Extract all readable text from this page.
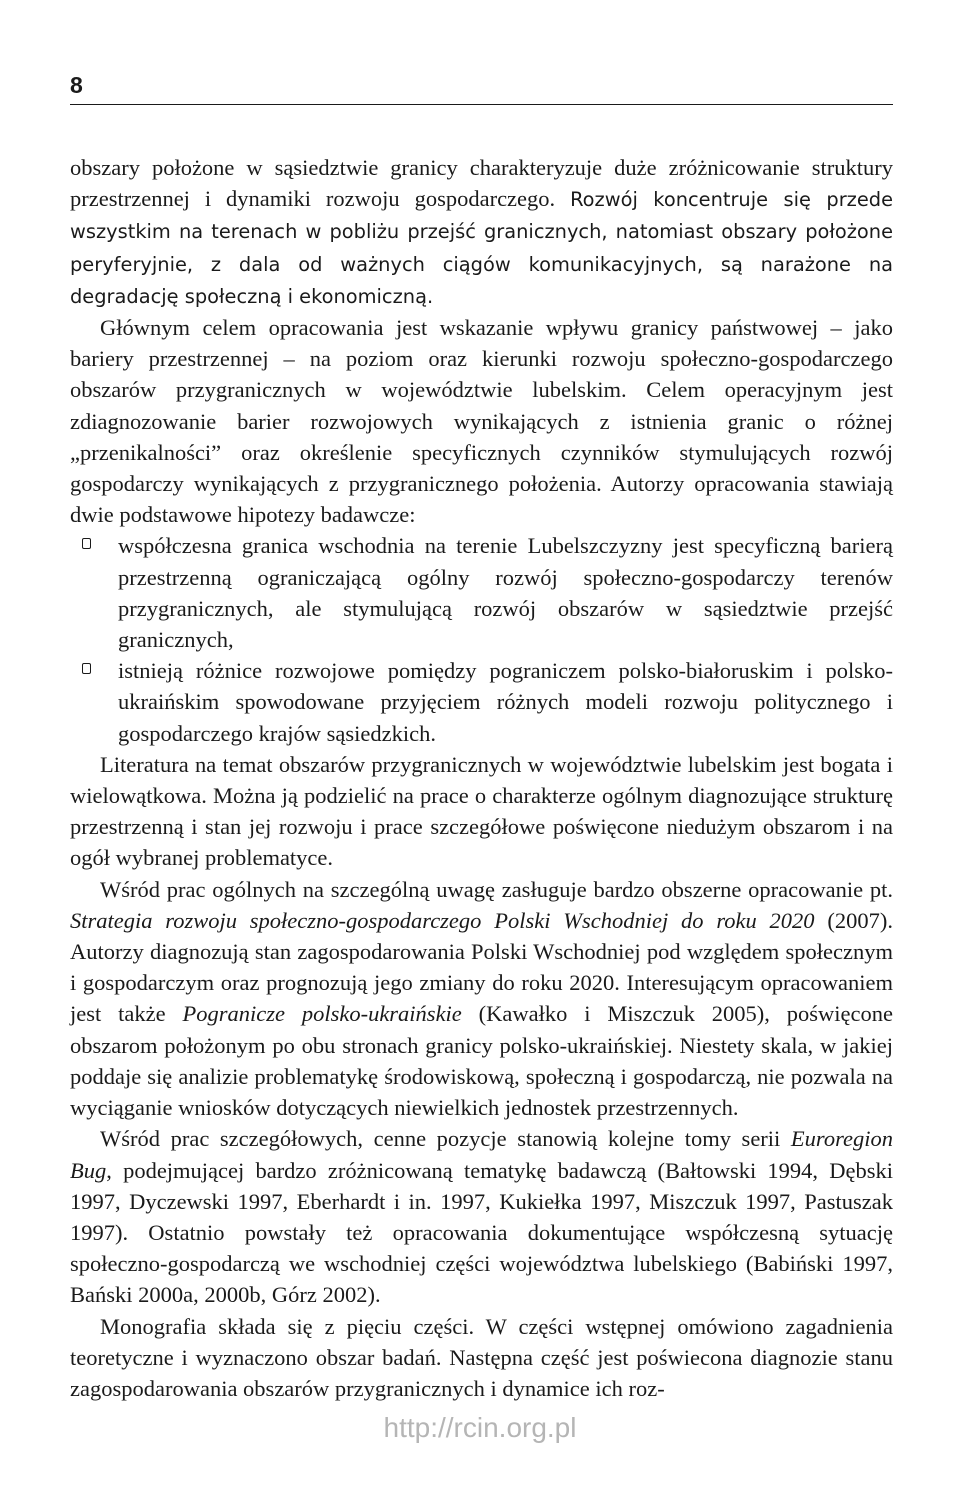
8

obszary położone w sąsiedztwie granicy charakteryzuje duże zróżnicowanie struktury przestrzennej i dynamiki rozwoju gospodarczego. Rozwój koncentruje się przede wszystkim na terenach w pobliżu przejść granicznych, natomiast obszary położone peryferyjnie, z dala od ważnych ciągów komunikacyjnych, są narażone na degradację społeczną i ekonomiczną.

Głównym celem opracowania jest wskazanie wpływu granicy państwowej – jako bariery przestrzennej – na poziom oraz kierunki rozwoju społeczno-gospodarczego obszarów przygranicznych w województwie lubelskim. Celem operacyjnym jest zdiagnozowanie barier rozwojowych wynikających z istnienia granic o różnej „przenikalności” oraz określenie specyficznych czynników stymulujących rozwój gospodarczy wynikających z przygranicznego położenia. Autorzy opracowania stawiają dwie podstawowe hipotezy badawcze:

współczesna granica wschodnia na terenie Lubelszczyzny jest specyficzną barierą przestrzenną ograniczającą ogólny rozwój społeczno-gospodarczy terenów przygranicznych, ale stymulującą rozwój obszarów w sąsiedztwie przejść granicznych,
istnieją różnice rozwojowe pomiędzy pograniczem polsko-białoruskim i polsko-ukraińskim spowodowane przyjęciem różnych modeli rozwoju politycznego i gospodarczego krajów sąsiedzkich.

Literatura na temat obszarów przygranicznych w województwie lubelskim jest bogata i wielowątkowa. Można ją podzielić na prace o charakterze ogólnym diagnozujące strukturę przestrzenną i stan jej rozwoju i prace szczegółowe poświęcone niedużym obszarom i na ogół wybranej problematyce.

Wśród prac ogólnych na szczególną uwagę zasługuje bardzo obszerne opracowanie pt. Strategia rozwoju społeczno-gospodarczego Polski Wschodniej do roku 2020 (2007). Autorzy diagnozują stan zagospodarowania Polski Wschodniej pod względem społecznym i gospodarczym oraz prognozują jego zmiany do roku 2020. Interesującym opracowaniem jest także Pogranicze polsko-ukraińskie (Kawałko i Miszczuk 2005), poświęcone obszarom położonym po obu stronach granicy polsko-ukraińskiej. Niestety skala, w jakiej poddaje się analizie problematykę środowiskową, społeczną i gospodarczą, nie pozwala na wyciąganie wniosków dotyczących niewielkich jednostek przestrzennych.

Wśród prac szczegółowych, cenne pozycje stanowią kolejne tomy serii Euroregion Bug, podejmującej bardzo zróżnicowaną tematykę badawczą (Bałtowski 1994, Dębski 1997, Dyczewski 1997, Eberhardt i in. 1997, Kukiełka 1997, Miszczuk 1997, Pastuszak 1997). Ostatnio powstały też opracowania dokumentujące współczesną sytuację społeczno-gospodarczą we wschodniej części województwa lubelskiego (Babiński 1997, Bański 2000a, 2000b, Górz 2002).

Monografia składa się z pięciu części. W części wstępnej omówiono zagadnienia teoretyczne i wyznaczono obszar badań. Następna część jest poświecona diagnozie stanu zagospodarowania obszarów przygranicznych i dynamice ich roz-

http://rcin.org.pl
